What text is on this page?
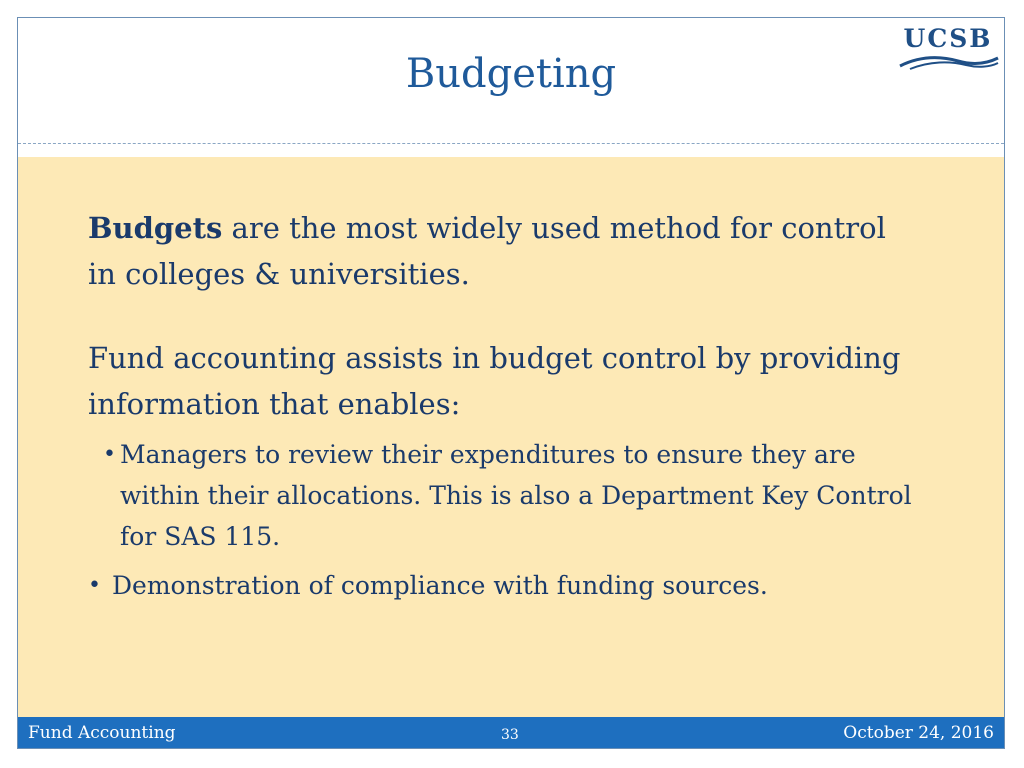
Budgeting
UCSB
Budgets are the most widely used method for control in colleges & universities.
Fund accounting assists in budget control by providing information that enables:
• Managers to review their expenditures to ensure they are within their allocations. This is also a Department Key Control for SAS 115.
• Demonstration of compliance with funding sources.
Fund Accounting	33	October 24, 2016
